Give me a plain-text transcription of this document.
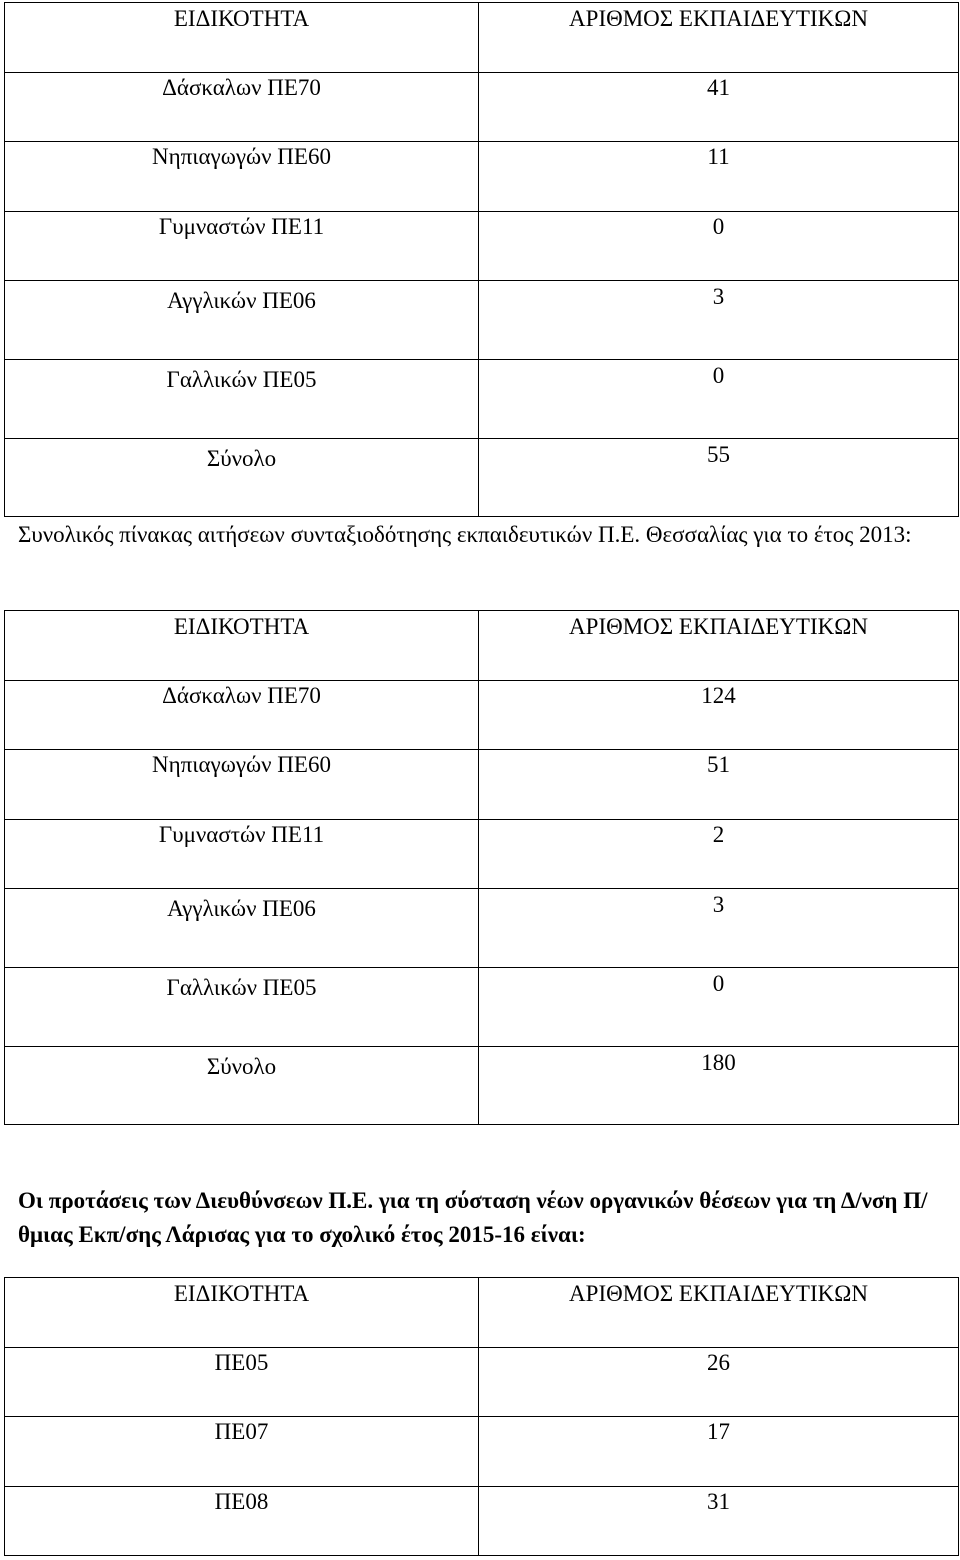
ΕΙΔΙΚΟΤΗΤΑ	ΑΡΙΘΜΟΣ ΕΚΠΑΙΔΕΥΤΙΚΩΝ

Δάσκαλων ΠΕ70	41

Νηπιαγωγών ΠΕ60	11

Γυμναστών ΠΕ11	0

Αγγλικών ΠΕ06	3

Γαλλικών ΠΕ05	0

Σύνολο	55

Συνολικός πίνακας αιτήσεων συνταξιοδότησης εκπαιδευτικών Π.Ε. Θεσσαλίας για το έτος 2013:

ΕΙΔΙΚΟΤΗΤΑ	ΑΡΙΘΜΟΣ ΕΚΠΑΙΔΕΥΤΙΚΩΝ

Δάσκαλων ΠΕ70	124

Νηπιαγωγών ΠΕ60	51

Γυμναστών ΠΕ11	2

Αγγλικών ΠΕ06	3

Γαλλικών ΠΕ05	0

Σύνολο	180

Οι προτάσεις των Διευθύνσεων Π.Ε. για τη σύσταση νέων οργανικών θέσεων για τη Δ/νση Π/θμιας Εκπ/σης Λάρισας για το σχολικό έτος 2015-16 είναι:

ΕΙΔΙΚΟΤΗΤΑ	ΑΡΙΘΜΟΣ ΕΚΠΑΙΔΕΥΤΙΚΩΝ

ΠΕ05	26

ΠΕ07	17

ΠΕ08	31
